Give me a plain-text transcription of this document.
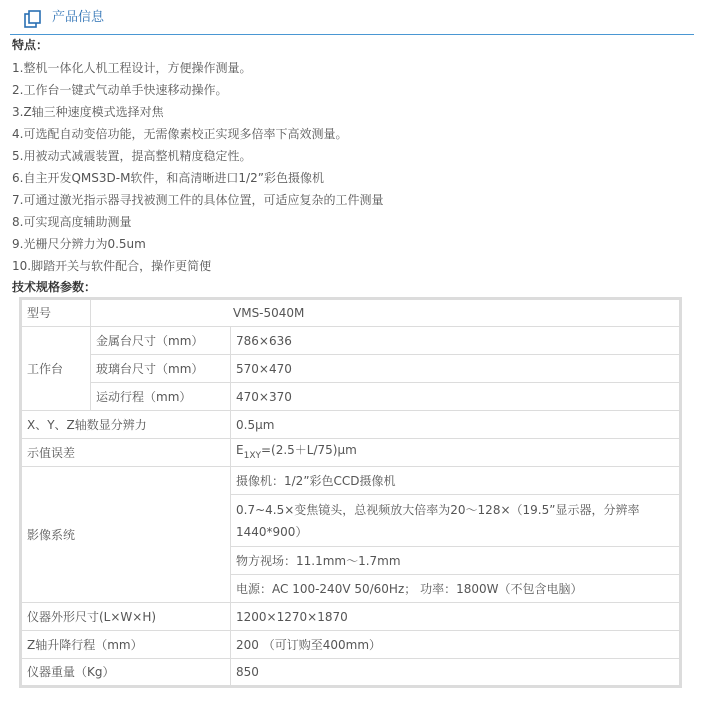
产品信息
特点：
1.整机一体化人机工程设计，方便操作测量。
2.工作台一键式气动单手快速移动操作。
3.Z轴三种速度模式选择对焦
4.可选配自动变倍功能，无需像素校正实现多倍率下高效测量。
5.用被动式减震装置，提高整机精度稳定性。
6.自主开发QMS3D-M软件，和高清晰进口1/2”彩色摄像机
7.可通过激光指示器寻找被测工件的具体位置，可适应复杂的工件测量
8.可实现高度辅助测量
9.光栅尺分辨力为0.5um
10.脚踏开关与软件配合，操作更简便
技术规格参数：
型号	VMS-5040M	
工作台	金属台尺寸（mm）	786×636
	玻璃台尺寸（mm）	570×470
	运动行程（mm）	470×370
X、Y、Z轴数显分辨力		0.5μm
示值误差		$E_{1XY}=(2.5+L/75)\mu m$
影像系统		摄像机：1/2”彩色CCD摄像机
		0.7~4.5×变焦镜头，总视频放大倍率为20～128×（19.5”显示器，分辨率1440*900）
		物方视场：11.1mm～1.7mm
		电源：AC 100-240V 50/60Hz； 功率：1800W（不包含电脑）
仪器外形尺寸(L×W×H)		1200×1270×1870
Z轴升降行程（mm）		200 （可订购至400mm）
仪器重量（Kg）		850
